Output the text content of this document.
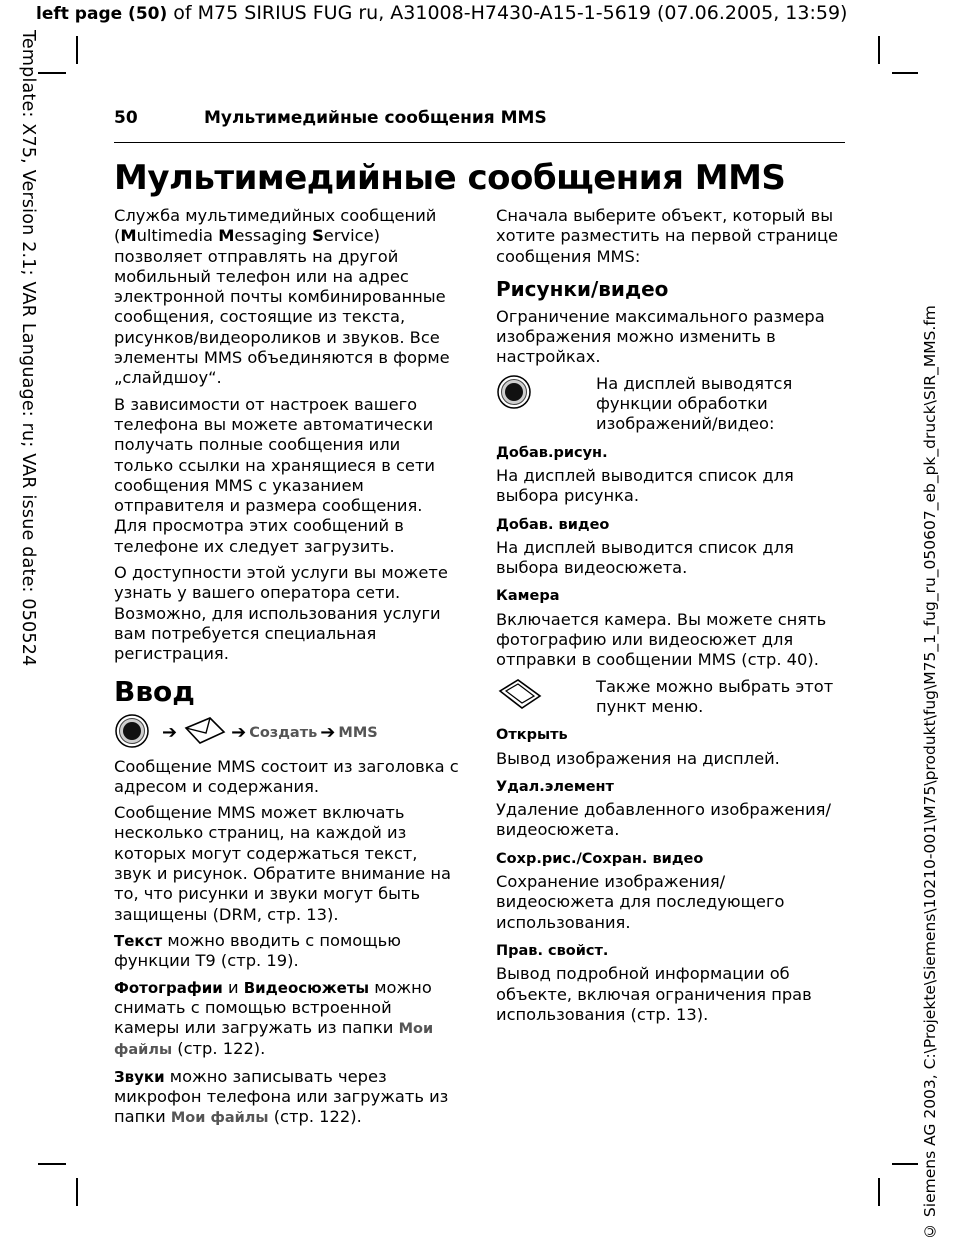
left page (50) of M75 SIRIUS FUG ru, A31008-H7430-A15-1-5619 (07.06.2005, 13:59)
Template: X75, Version 2.1; VAR Language: ru; VAR issue date: 050524	© Siemens AG 2003, C:\Projekte\Siemens\10210-001\M75\produkt\fug\M75_1_fug_ru_050607_eb_pk_druck\SIR_MMS.fm
50	Мультимедийные сообщения MMS
Мультимедийные сообщения MMS

Служба мультимедийных сообщений (Multimedia Messaging Service) позволяет отправлять на другой мобильный телефон или на адрес электронной почты комбинированные сообщения, состоящие из текста, рисунков/видеороликов и звуков. Все элементы MMS объединяются в форме „слайдшоу“.

В зависимости от настроек вашего телефона вы можете автоматически получать полные сообщения или только ссылки на хранящиеся в сети сообщения MMS с указанием отправителя и размера сообщения. Для просмотра этих сообщений в телефоне их следует загрузить.

О доступности этой услуги вы можете узнать у вашего оператора сети. Возможно, для использования услуги вам потребуется специальная регистрация.

Ввод
➔	➔ Создать ➔ MMS

Сообщение MMS состоит из заголовка с адресом и содержания.

Сообщение MMS может включать несколько страниц, на каждой из которых могут содержаться текст, звук и рисунок. Обратите внимание на то, что рисунки и звуки могут быть защищены (DRM, стр. 13).

Текст можно вводить с помощью функции T9 (стр. 19).

Фотографии и Видеосюжеты можно снимать с помощью встроенной камеры или загружать из папки Мои файлы (стр. 122).

Звуки можно записывать через микрофон телефона или загружать из папки Мои файлы (стр. 122).

Сначала выберите объект, который вы хотите разместить на первой странице сообщения MMS:

Рисунки/видео

Ограничение максимального размера изображения можно изменить в настройках.

На дисплей выводятся функции обработки изображений/видео:
Добав.рисун.

На дисплей выводится список для выбора рисунка.

Добав. видео

На дисплей выводится список для выбора видеосюжета.

Камера

Включается камера. Вы можете снять фотографию или видеосюжет для отправки в сообщении MMS (стр. 40).

Также можно выбрать этот пункт меню.
Открыть

Вывод изображения на дисплей.

Удал.элемент

Удаление добавленного изображения/видеосюжета.

Сохр.рис./Сохран. видео

Сохранение изображения/видеосюжета для последующего использования.

Прав. свойст.

Вывод подробной информации об объекте, включая ограничения прав использования (стр. 13).
